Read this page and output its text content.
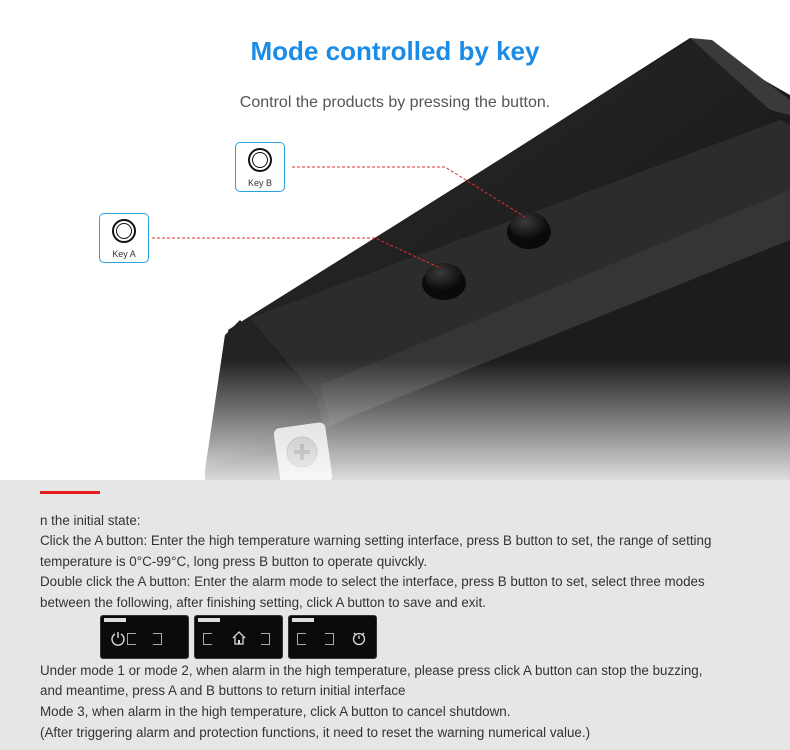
Mode controlled by key

Control the products by pressing the button.

Key B
Key A

n the initial state:

Click the A button: Enter the high temperature warning setting interface, press B button to set, the range of setting

temperature is 0°C-99°C, long press B button to operate quivckly.

Double click the A button: Enter the alarm mode to select the interface, press B button to set, select three modes

between the following, after finishing setting, click A button to save and exit.

Under mode 1 or mode 2, when alarm in the high temperature, please press click A button can stop the buzzing,

and meantime, press A and B buttons to return initial interface

Mode 3, when alarm in the high temperature, click A button to cancel shutdown.

(After triggering alarm and protection functions, it need to reset the warning numerical value.)
